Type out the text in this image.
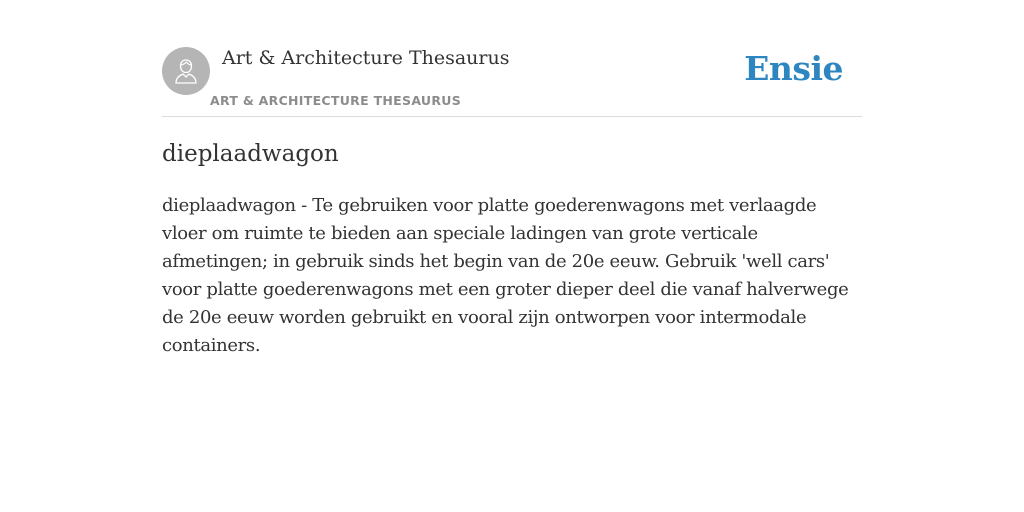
Art & Architecture Thesaurus
ART & ARCHITECTURE THESAURUS
Ensie
dieplaadwagon

dieplaadwagon - Te gebruiken voor platte goederenwagons met verlaagde vloer om ruimte te bieden aan speciale ladingen van grote verticale afmetingen; in gebruik sinds het begin van de 20e eeuw. Gebruik 'well cars' voor platte goederenwagons met een groter dieper deel die vanaf halverwege de 20e eeuw worden gebruikt en vooral zijn ontworpen voor intermodale containers.
